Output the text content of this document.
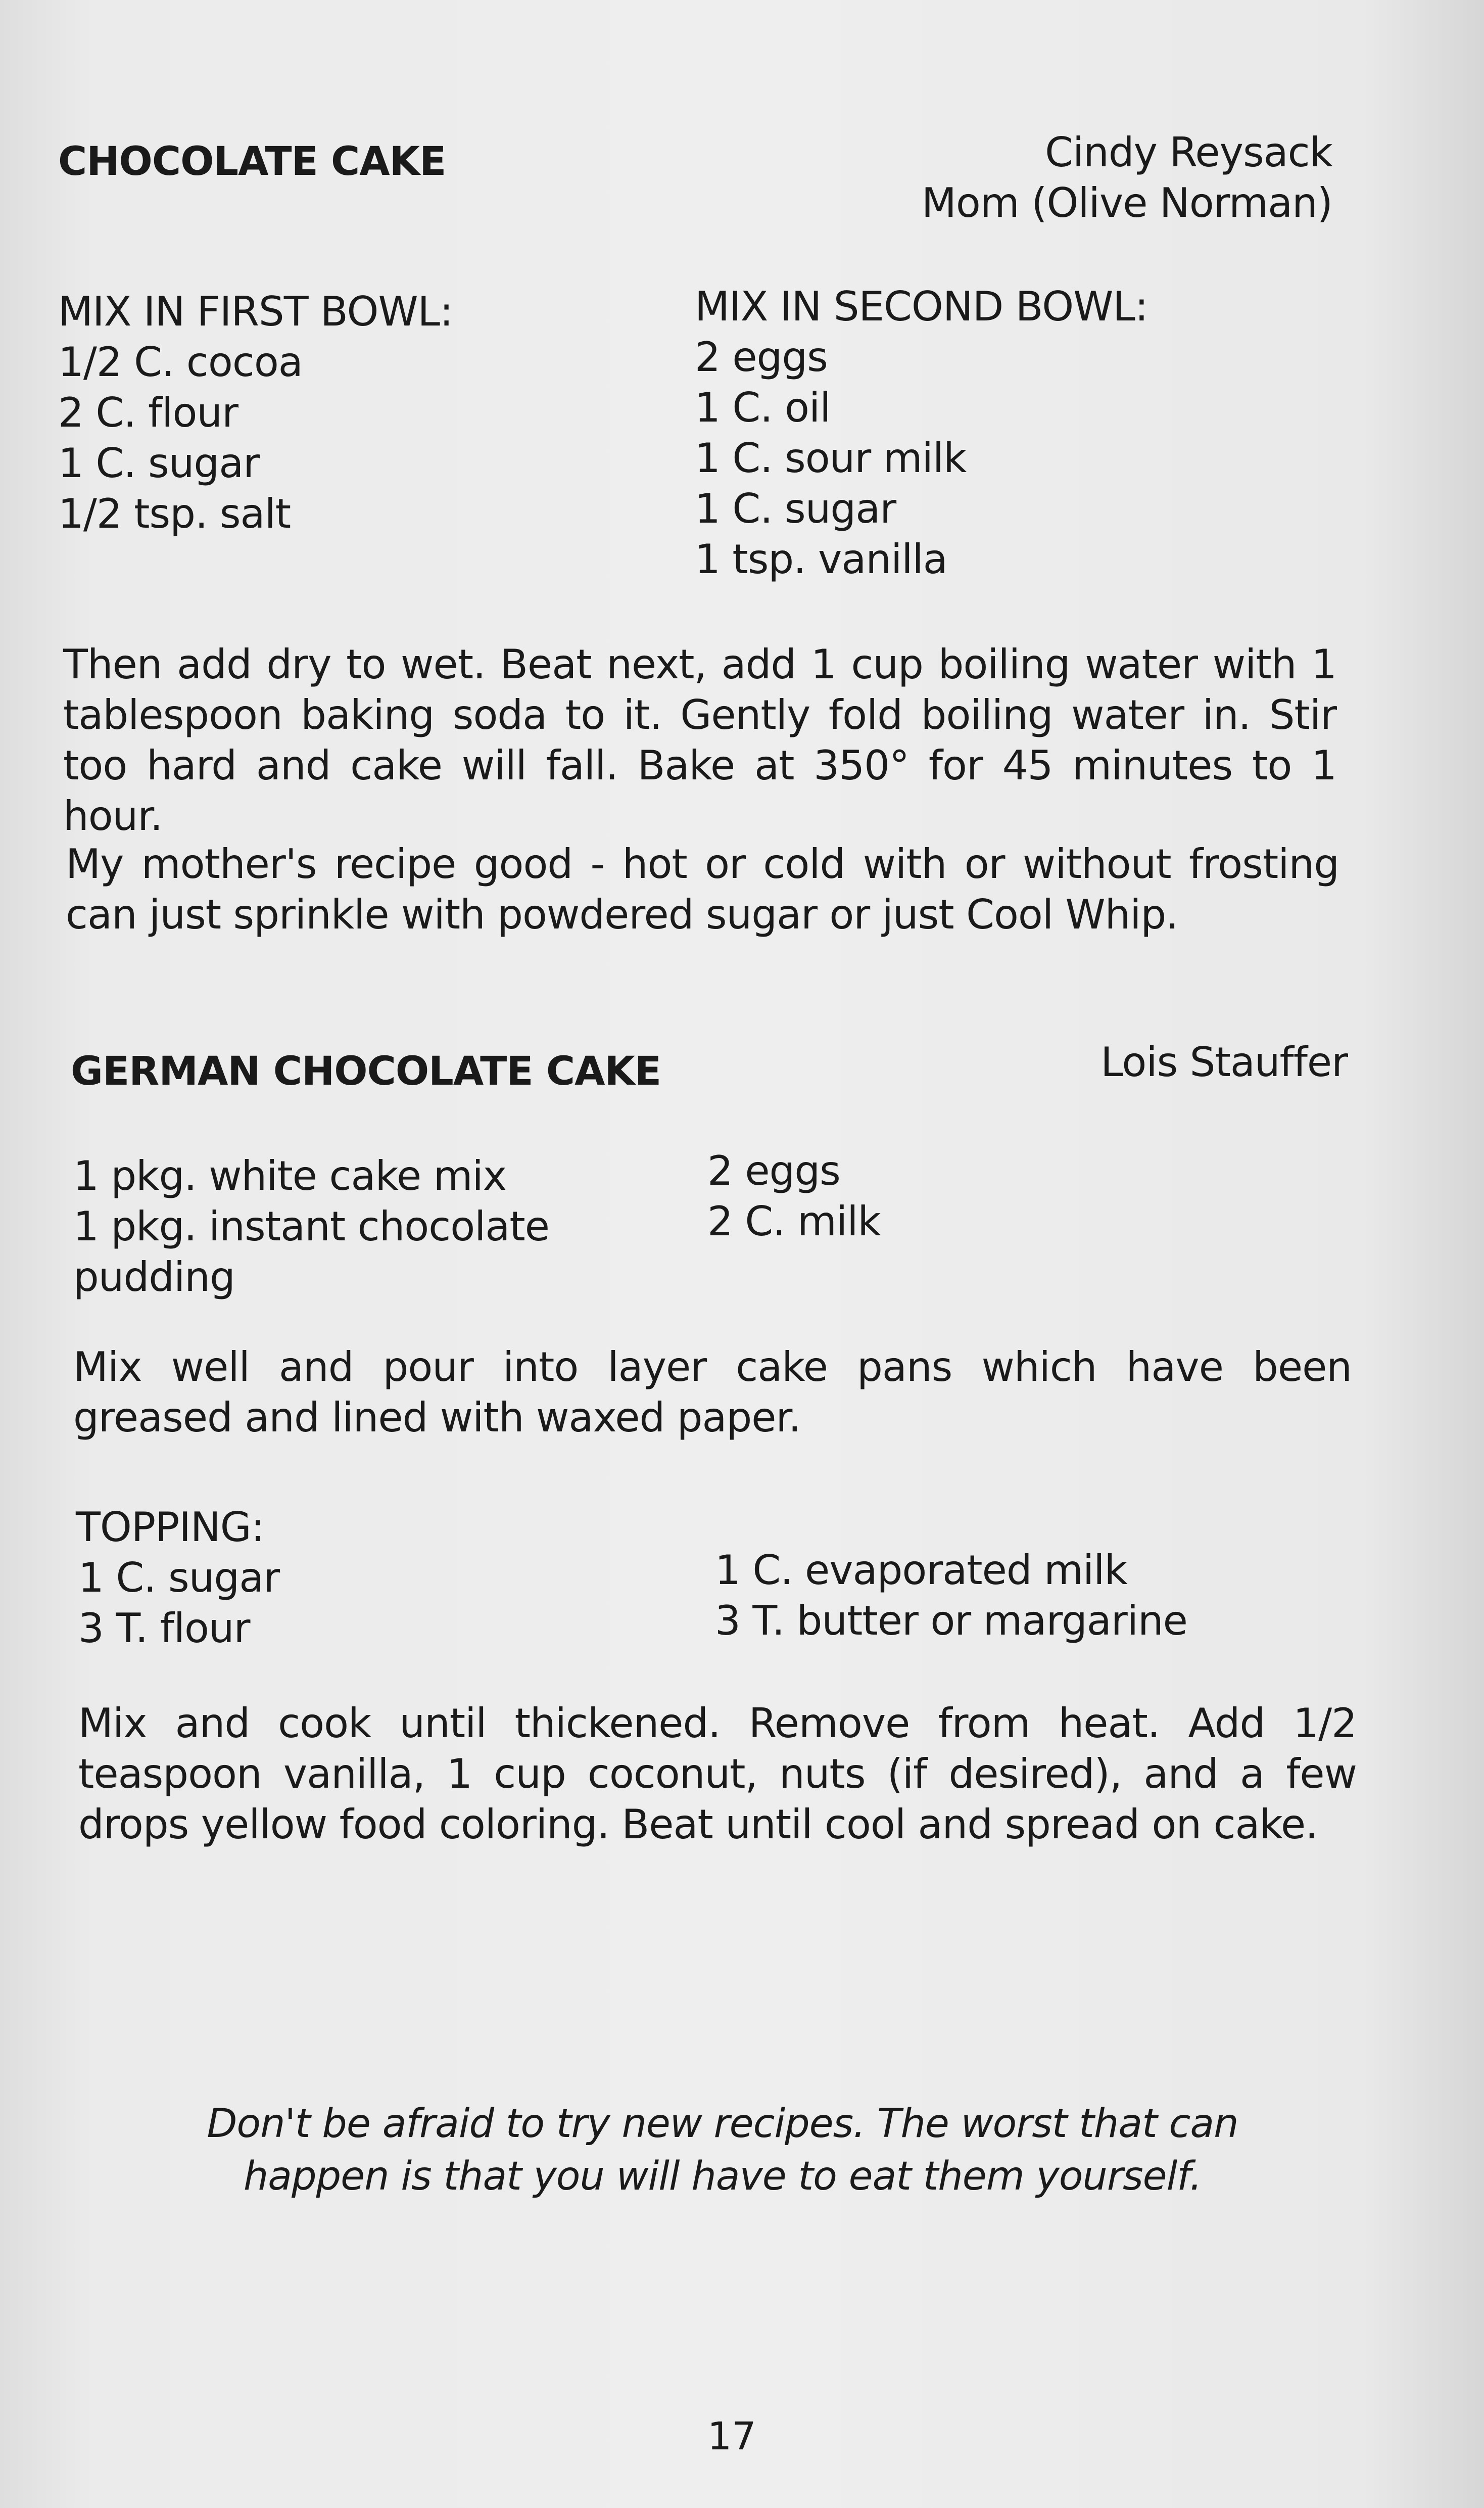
CHOCOLATE CAKE	Cindy Reysack
Mom (Olive Norman)
MIX IN FIRST BOWL:
1/2 C. cocoa
2 C. flour
1 C. sugar
1/2 tsp. salt
MIX IN SECOND BOWL:
2 eggs
1 C. oil
1 C. sour milk
1 C. sugar
1 tsp. vanilla
Then add dry to wet. Beat next, add 1 cup boiling water with 1 tablespoon baking soda to it. Gently fold boiling water in. Stir too hard and cake will fall. Bake at 350° for 45 minutes to 1 hour.
My mother's recipe good - hot or cold with or without frosting can just sprinkle with powdered sugar or just Cool Whip.
GERMAN CHOCOLATE CAKE	Lois Stauffer
1 pkg. white cake mix
1 pkg. instant chocolate
pudding
2 eggs
2 C. milk
Mix well and pour into layer cake pans which have been greased and lined with waxed paper.
TOPPING:
1 C. sugar
3 T. flour
1 C. evaporated milk
3 T. butter or margarine
Mix and cook until thickened. Remove from heat. Add 1/2 teaspoon vanilla, 1 cup coconut, nuts (if desired), and a few drops yellow food coloring. Beat until cool and spread on cake.
Don't be afraid to try new recipes. The worst that can happen is that you will have to eat them yourself.
17
